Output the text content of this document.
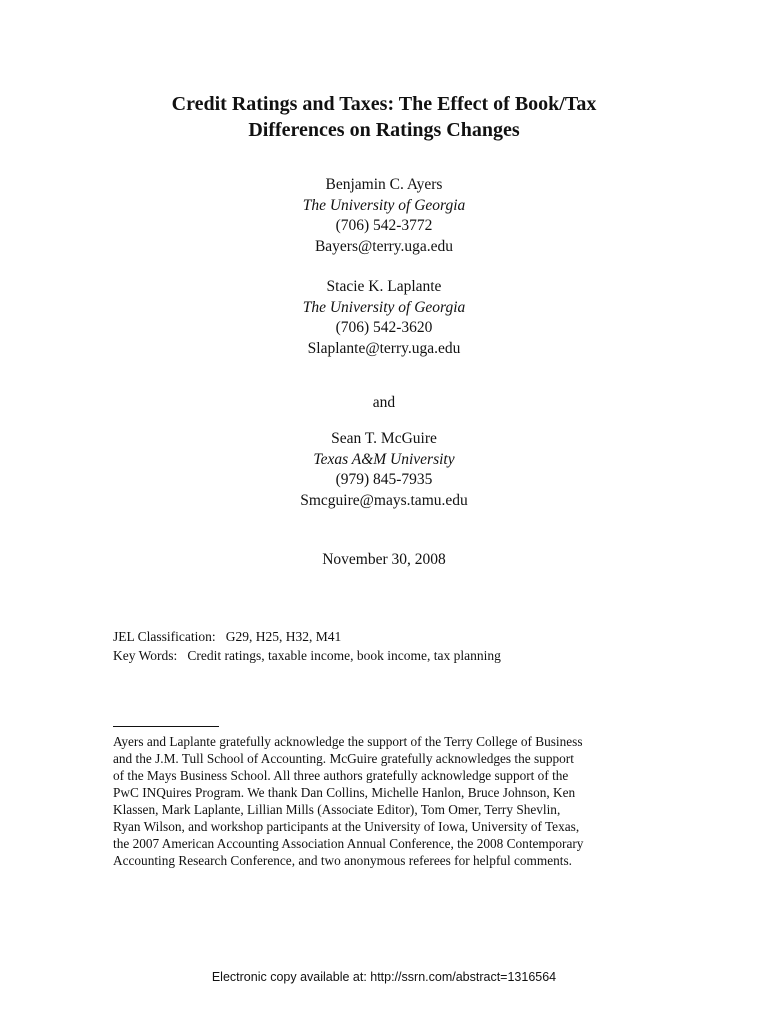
Credit Ratings and Taxes: The Effect of Book/Tax
Differences on Ratings Changes
Benjamin C. Ayers
The University of Georgia
(706) 542-3772
Bayers@terry.uga.edu
Stacie K. Laplante
The University of Georgia
(706) 542-3620
Slaplante@terry.uga.edu
and
Sean T. McGuire
Texas A&M University
(979) 845-7935
Smcguire@mays.tamu.edu
November 30, 2008
JEL Classification: G29, H25, H32, M41
Key Words: Credit ratings, taxable income, book income, tax planning
Ayers and Laplante gratefully acknowledge the support of the Terry College of Business
and the J.M. Tull School of Accounting. McGuire gratefully acknowledges the support
of the Mays Business School. All three authors gratefully acknowledge support of the
PwC INQuires Program. We thank Dan Collins, Michelle Hanlon, Bruce Johnson, Ken
Klassen, Mark Laplante, Lillian Mills (Associate Editor), Tom Omer, Terry Shevlin,
Ryan Wilson, and workshop participants at the University of Iowa, University of Texas,
the 2007 American Accounting Association Annual Conference, the 2008 Contemporary
Accounting Research Conference, and two anonymous referees for helpful comments.
Electronic copy available at: http://ssrn.com/abstract=1316564
